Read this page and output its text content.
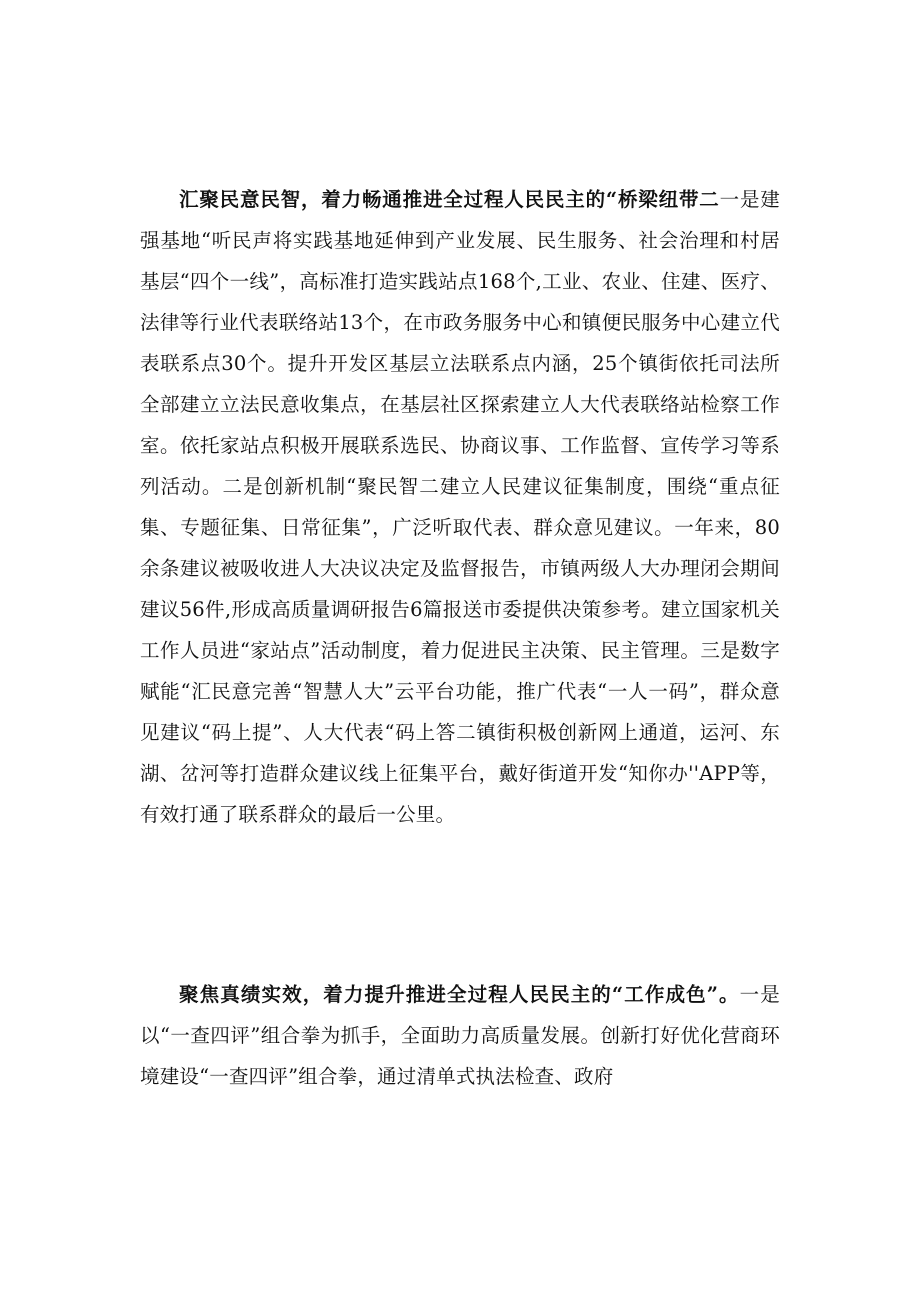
汇聚民意民智，着力畅通推进全过程人民民主的“桥梁纽带二一是建强基地“听民声将实践基地延伸到产业发展、民生服务、社会治理和村居基层“四个一线”，高标准打造实践站点168个,工业、农业、住建、医疗、法律等行业代表联络站13个，在市政务服务中心和镇便民服务中心建立代表联系点30个。提升开发区基层立法联系点内涵，25个镇街依托司法所全部建立立法民意收集点，在基层社区探索建立人大代表联络站检察工作室。依托家站点积极开展联系选民、协商议事、工作监督、宣传学习等系列活动。二是创新机制“聚民智二建立人民建议征集制度，围绕“重点征集、专题征集、日常征集”，广泛听取代表、群众意见建议。一年来，80余条建议被吸收进人大决议决定及监督报告，市镇两级人大办理闭会期间建议56件,形成高质量调研报告6篇报送市委提供决策参考。建立国家机关工作人员进“家站点”活动制度，着力促进民主决策、民主管理。三是数字赋能“汇民意完善“智慧人大”云平台功能，推广代表“一人一码”，群众意见建议“码上提”、人大代表“码上答二镇街积极创新网上通道，运河、东湖、岔河等打造群众建议线上征集平台，戴好街道开发“知你办''APP等，有效打通了联系群众的最后一公里。

聚焦真绩实效，着力提升推进全过程人民民主的“工作成色”。一是以“一查四评”组合拳为抓手，全面助力高质量发展。创新打好优化营商环境建设“一查四评”组合拳，通过清单式执法检查、政府
